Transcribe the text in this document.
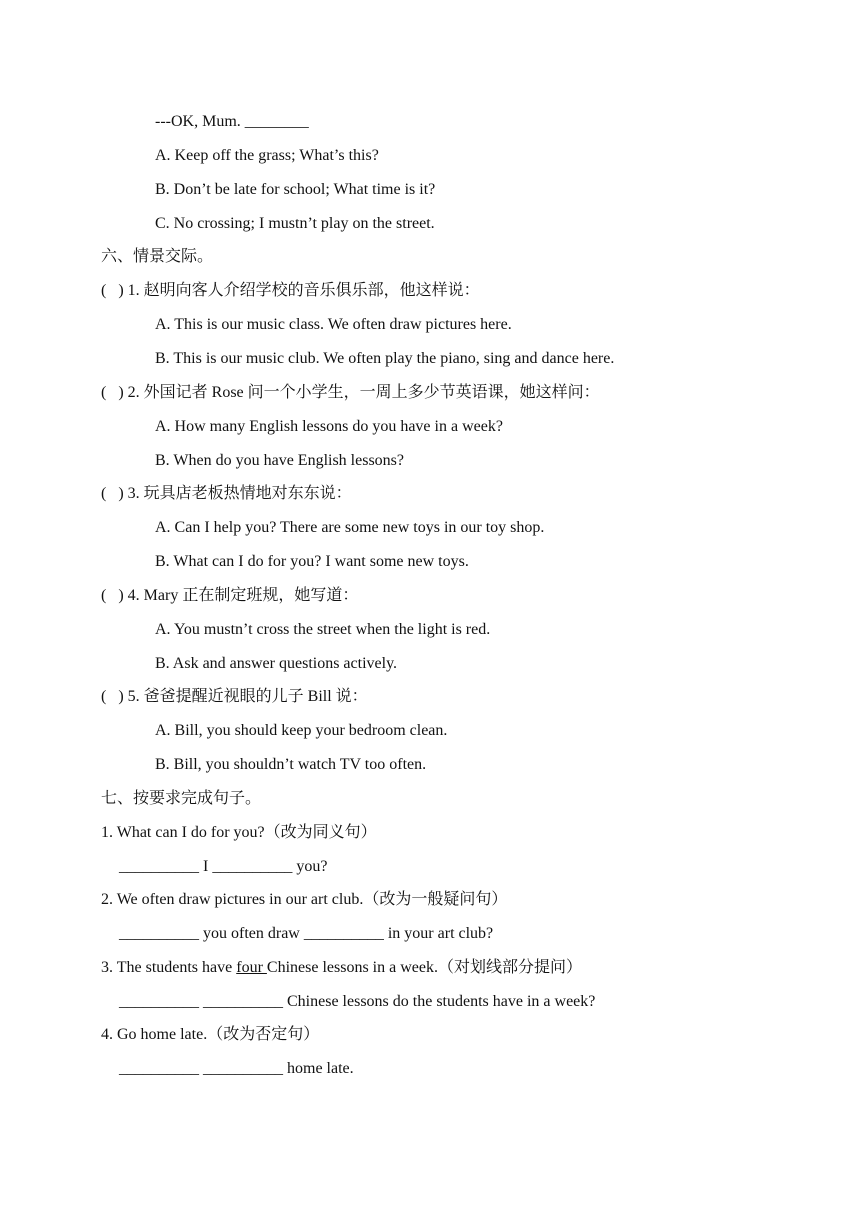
---OK, Mum. ________
A. Keep off the grass; What’s this?
B. Don’t be late for school; What time is it?
C. No crossing; I mustn’t play on the street.
六、情景交际。
(   ) 1. 赵明向客人介绍学校的音乐俱乐部，他这样说：
A. This is our music class. We often draw pictures here.
B. This is our music club. We often play the piano, sing and dance here.
(   ) 2. 外国记者 Rose 问一个小学生，一周上多少节英语课，她这样问：
A. How many English lessons do you have in a week?
B. When do you have English lessons?
(   ) 3. 玩具店老板热情地对东东说：
A. Can I help you? There are some new toys in our toy shop.
B. What can I do for you? I want some new toys.
(   ) 4. Mary 正在制定班规，她写道：
A. You mustn’t cross the street when the light is red.
B. Ask and answer questions actively.
(   ) 5. 爸爸提醒近视眼的儿子 Bill 说：
A. Bill, you should keep your bedroom clean.
B. Bill, you shouldn’t watch TV too often.
七、按要求完成句子。
1. What can I do for you?（改为同义句）
__________ I __________ you?
2. We often draw pictures in our art club.（改为一般疑问句）
__________ you often draw __________ in your art club?
3. The students have four Chinese lessons in a week.（对划线部分提问）
__________ __________ Chinese lessons do the students have in a week?
4. Go home late.（改为否定句）
__________ __________ home late.
